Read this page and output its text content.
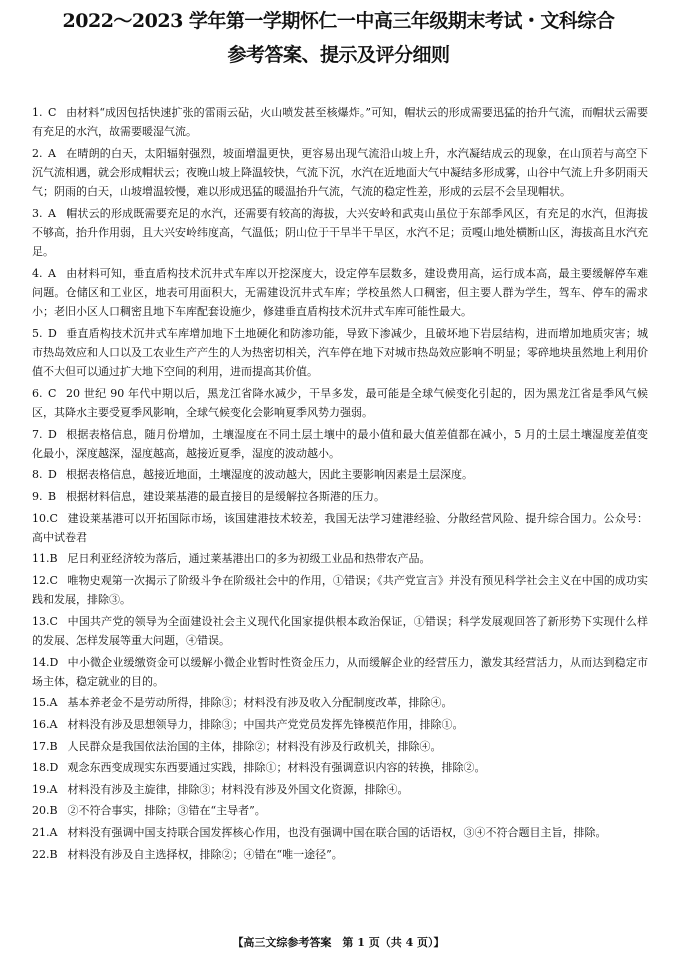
2022～2023 学年第一学期怀仁一中高三年级期末考试・文科综合
参考答案、提示及评分细则
1. C 由材料“成因包括快速扩张的雷雨云砧，火山喷发甚至核爆炸。”可知，帽状云的形成需要迅猛的抬升气流，而帽状云需要有充足的水汽，故需要暖湿气流。
2. A 在晴朗的白天，太阳辐射强烈，坡面增温更快，更容易出现气流沿山坡上升，水汽凝结成云的现象，在山顶若与高空下沉气流相遇，就会形成帽状云；夜晚山坡上降温较快，气流下沉，水汽在近地面大气中凝结多形成雾，山谷中气流上升多阴雨天气；阴雨的白天，山坡增温较慢，难以形成迅猛的暖温抬升气流，气流的稳定性差，形成的云层不会呈现帽状。
3. A 帽状云的形成既需要充足的水汽，还需要有较高的海拔，大兴安岭和武夷山虽位于东部季风区，有充足的水汽，但海拔不够高，抬升作用弱，且大兴安岭纬度高，气温低；阴山位于干旱半干旱区，水汽不足；贡嘎山地处横断山区，海拔高且水汽充足。
4. A 由材料可知，垂直盾构技术沉井式车库以开挖深度大，设定停车层数多，建设费用高，运行成本高，最主要缓解停车难问题。仓储区和工业区，地表可用面积大，无需建设沉井式车库；学校虽然人口稠密，但主要人群为学生，驾车、停车的需求小；老旧小区人口稠密且地下车库配套设施少，修建垂直盾构技术沉井式车库可能性最大。
5. D 垂直盾构技术沉井式车库增加地下土地硬化和防渗功能，导致下渗减少，且破坏地下岩层结构，进而增加地质灾害；城市热岛效应和人口以及工农业生产产生的人为热密切相关，汽车停在地下对城市热岛效应影响不明显；零碎地块虽然地上利用价值不大但可以通过扩大地下空间的利用，进而提高其价值。
6. C 20 世纪 90 年代中期以后，黑龙江省降水减少，干旱多发，最可能是全球气候变化引起的，因为黑龙江省是季风气候区，其降水主要受夏季风影响，全球气候变化会影响夏季风势力强弱。
7. D 根据表格信息，随月份增加，土壤湿度在不同土层土壤中的最小值和最大值差值都在减小，5 月的土层土壤湿度差值变化最小，深度越深，湿度越高，越接近夏季，湿度的波动越小。
8. D 根据表格信息，越接近地面，土壤湿度的波动越大，因此主要影响因素是土层深度。
9. B 根据材料信息，建设莱基港的最直接目的是缓解拉各斯港的压力。
10.C 建设莱基港可以开拓国际市场，该国建港技术较差，我国无法学习建港经验、分散经营风险、提升综合国力。公众号：高中试卷君
11.B 尼日利亚经济较为落后，通过莱基港出口的多为初级工业品和热带农产品。
12.C 唯物史观第一次揭示了阶级斗争在阶级社会中的作用，①错误；《共产党宣言》并没有预见科学社会主义在中国的成功实践和发展，排除③。
13.C 中国共产党的领导为全面建设社会主义现代化国家提供根本政治保证，①错误；科学发展观回答了新形势下实现什么样的发展、怎样发展等重大问题，④错误。
14.D 中小微企业缓缴资金可以缓解小微企业暂时性资金压力，从而缓解企业的经营压力，激发其经营活力，从而达到稳定市场主体，稳定就业的目的。
15.A 基本养老金不是劳动所得，排除③；材料没有涉及收入分配制度改革，排除④。
16.A 材料没有涉及思想领导力，排除③；中国共产党党员发挥先锋模范作用，排除①。
17.B 人民群众是我国依法治国的主体，排除②；材料没有涉及行政机关，排除④。
18.D 观念东西变成现实东西要通过实践，排除①；材料没有强调意识内容的转换，排除②。
19.A 材料没有涉及主旋律，排除③；材料没有涉及外国文化资源，排除④。
20.B ②不符合事实，排除；③错在“主导者”。
21.A 材料没有强调中国支持联合国发挥核心作用，也没有强调中国在联合国的话语权，③④不符合题目主旨，排除。
22.B 材料没有涉及自主选择权，排除②；④错在“唯一途径”。
【高三文综参考答案　第 1 页（共 4 页）】
